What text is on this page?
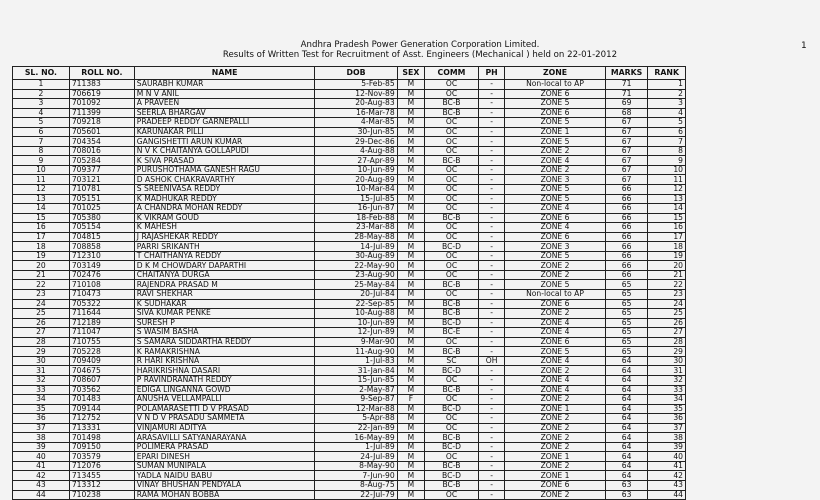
1
Andhra Pradesh Power Generation Corporation Limited.
Results of Written Test for Recruitment of Asst. Engineers (Mechanical ) held on 22-01-2012
SL. NO.	ROLL NO.	NAME	DOB	SEX	COMM	PH	ZONE	MARKS	RANK
1	711383	SAURABH KUMAR	5-Feb-85	M	OC	-	Non-local to AP	71	1
2	706619	M N V ANIL	12-Nov-89	M	OC	-	ZONE 6	71	2
3	701092	A PRAVEEN	20-Aug-83	M	BC-B	-	ZONE 5	69	3
4	711399	SEERLA BHARGAV	16-Mar-78	M	BC-B	-	ZONE 6	68	4
5	709218	PRADEEP REDDY GARNEPALLI	4-Mar-85	M	OC	-	ZONE 5	67	5
6	705601	KARUNAKAR PILLI	30-Jun-85	M	OC	-	ZONE 1	67	6
7	704354	GANGISHETTI ARUN KUMAR	29-Dec-86	M	OC	-	ZONE 5	67	7
8	708016	N V K CHAITANYA GOLLAPUDI	4-Aug-88	M	OC	-	ZONE 2	67	8
9	705284	K SIVA PRASAD	27-Apr-89	M	BC-B	-	ZONE 4	67	9
10	709377	PURUSHOTHAMA GANESH RAGU	10-Jun-89	M	OC	-	ZONE 2	67	10
11	703121	D ASHOK CHAKRAVARTHY	20-Aug-89	M	OC	-	ZONE 3	67	11
12	710781	S SREENIVASA REDDY	10-Mar-84	M	OC	-	ZONE 5	66	12
13	705151	K MADHUKAR REDDY	15-Jul-85	M	OC	-	ZONE 5	66	13
14	701025	A CHANDRA MOHAN REDDY	16-Jun-87	M	OC	-	ZONE 4	66	14
15	705380	K VIKRAM GOUD	18-Feb-88	M	BC-B	-	ZONE 6	66	15
16	705154	K MAHESH	23-Mar-88	M	OC	-	ZONE 4	66	16
17	704815	J RAJASHEKAR REDDY	28-May-88	M	OC	-	ZONE 6	66	17
18	708858	PARRI SRIKANTH	14-Jul-89	M	BC-D	-	ZONE 3	66	18
19	712310	T CHAITHANYA REDDY	30-Aug-89	M	OC	-	ZONE 5	66	19
20	703149	D K M CHOWDARY DAPARTHI	22-May-90	M	OC	-	ZONE 2	66	20
21	702476	CHAITANYA DURGA	23-Aug-90	M	OC	-	ZONE 2	66	21
22	710108	RAJENDRA PRASAD M	25-May-84	M	BC-B	-	ZONE 5	65	22
23	710473	RAVI SHEKHAR	20-Jul-84	M	OC	-	Non-local to AP	65	23
24	705322	K SUDHAKAR	22-Sep-85	M	BC-B	-	ZONE 6	65	24
25	711644	SIVA KUMAR PENKE	10-Aug-88	M	BC-B	-	ZONE 2	65	25
26	712189	SURESH P	10-Jun-89	M	BC-D	-	ZONE 4	65	26
27	711047	S WASIM BASHA	12-Jun-89	M	BC-E	-	ZONE 4	65	27
28	710755	S SAMARA SIDDARTHA REDDY	9-Mar-90	M	OC	-	ZONE 6	65	28
29	705228	K RAMAKRISHNA	11-Aug-90	M	BC-B	-	ZONE 5	65	29
30	709409	R HARI KRISHNA	1-Jul-83	M	SC	OH	ZONE 4	64	30
31	704675	HARIKRISHNA DASARI	31-Jan-84	M	BC-D	-	ZONE 2	64	31
32	708607	P RAVINDRANATH REDDY	15-Jun-85	M	OC	-	ZONE 4	64	32
33	703562	EDIGA LINGANNA GOWD	2-May-87	M	BC-B	-	ZONE 4	64	33
34	701483	ANUSHA VELLAMPALLI	9-Sep-87	F	OC	-	ZONE 2	64	34
35	709144	POLAMARASETTI D V PRASAD	12-Mar-88	M	BC-D	-	ZONE 1	64	35
36	712752	V N D V PRASADU SAMMETA	5-Apr-88	M	OC	-	ZONE 2	64	36
37	713331	VINJAMURI ADITYA	22-Jan-89	M	OC	-	ZONE 2	64	37
38	701498	ARASAVILLI SATYANARAYANA	16-May-89	M	BC-B	-	ZONE 2	64	38
39	709150	POLIMERA PRASAD	1-Jul-89	M	BC-D	-	ZONE 2	64	39
40	703579	EPARI DINESH	24-Jul-89	M	OC	-	ZONE 1	64	40
41	712076	SUMAN MUNIPALA	8-May-90	M	BC-B	-	ZONE 2	64	41
42	713455	YADLA NAIDU BABU	7-Jun-90	M	BC-D	-	ZONE 1	64	42
43	713312	VINAY BHUSHAN PENDYALA	8-Aug-75	M	BC-B	-	ZONE 6	63	43
44	710238	RAMA MOHAN BOBBA	22-Jul-79	M	OC	-	ZONE 2	63	44
